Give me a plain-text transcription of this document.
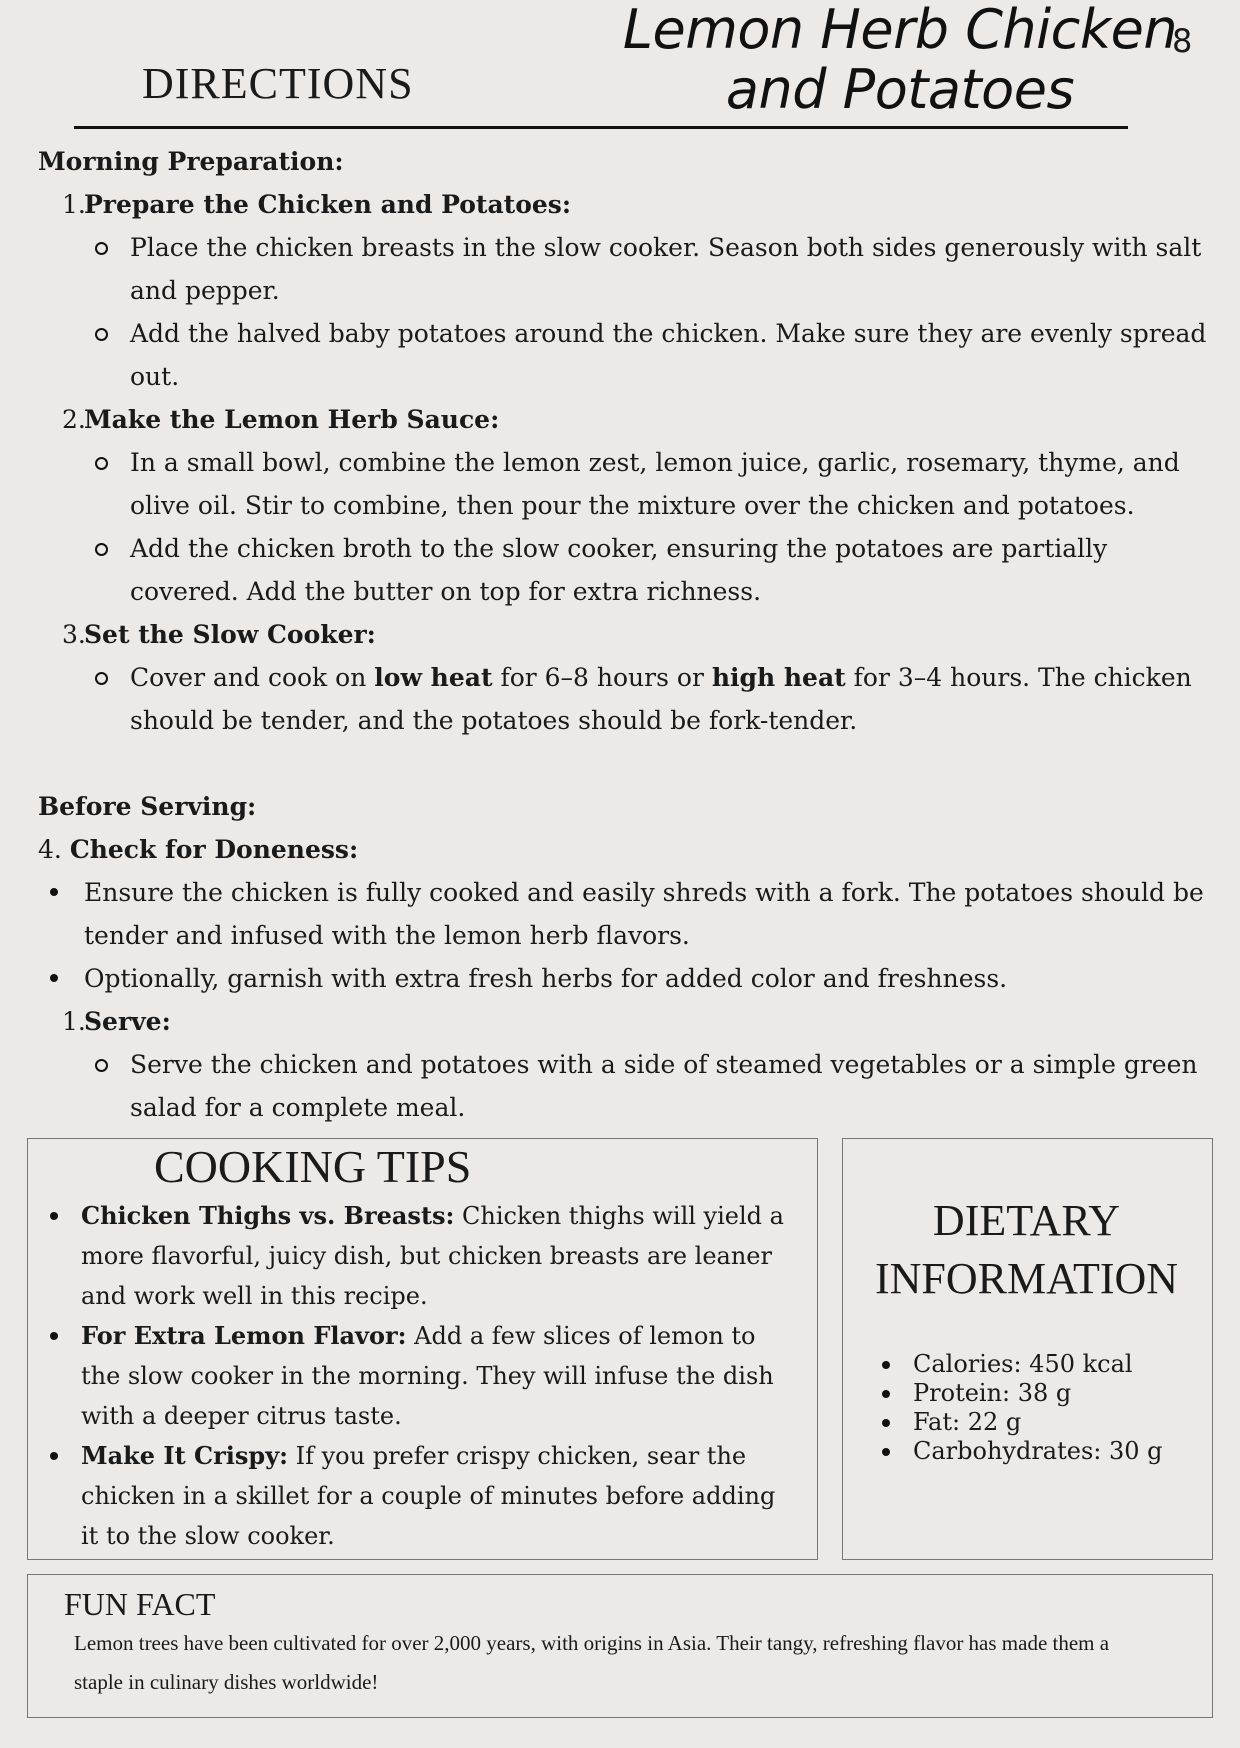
Lemon Herb Chicken and Potatoes
8
DIRECTIONS

Morning Preparation:

1.
Prepare the Chicken and Potatoes:

Place the chicken breasts in the slow cooker. Season both sides generously with salt and pepper.

Add the halved baby potatoes around the chicken. Make sure they are evenly spread out.

2.
Make the Lemon Herb Sauce:

In a small bowl, combine the lemon zest, lemon juice, garlic, rosemary, thyme, and olive oil. Stir to combine, then pour the mixture over the chicken and potatoes.

Add the chicken broth to the slow cooker, ensuring the potatoes are partially covered. Add the butter on top for extra richness.

3.
Set the Slow Cooker:

Cover and cook on low heat for 6–8 hours or high heat for 3–4 hours. The chicken should be tender, and the potatoes should be fork-tender.

Before Serving:

4. Check for Doneness:

Ensure the chicken is fully cooked and easily shreds with a fork. The potatoes should be tender and infused with the lemon herb flavors.

Optionally, garnish with extra fresh herbs for added color and freshness.

1.
Serve:

Serve the chicken and potatoes with a side of steamed vegetables or a simple green salad for a complete meal.

COOKING TIPS
Chicken Thighs vs. Breasts: Chicken thighs will yield a more flavorful, juicy dish, but chicken breasts are leaner and work well in this recipe.
For Extra Lemon Flavor: Add a few slices of lemon to the slow cooker in the morning. They will infuse the dish with a deeper citrus taste.
Make It Crispy: If you prefer crispy chicken, sear the chicken in a skillet for a couple of minutes before adding it to the slow cooker.
DIETARY
INFORMATION
Calories: 450 kcal
Protein: 38 g
Fat: 22 g
Carbohydrates: 30 g
FUN FACT
Lemon trees have been cultivated for over 2,000 years, with origins in Asia. Their tangy, refreshing flavor has made them a staple in culinary dishes worldwide!
